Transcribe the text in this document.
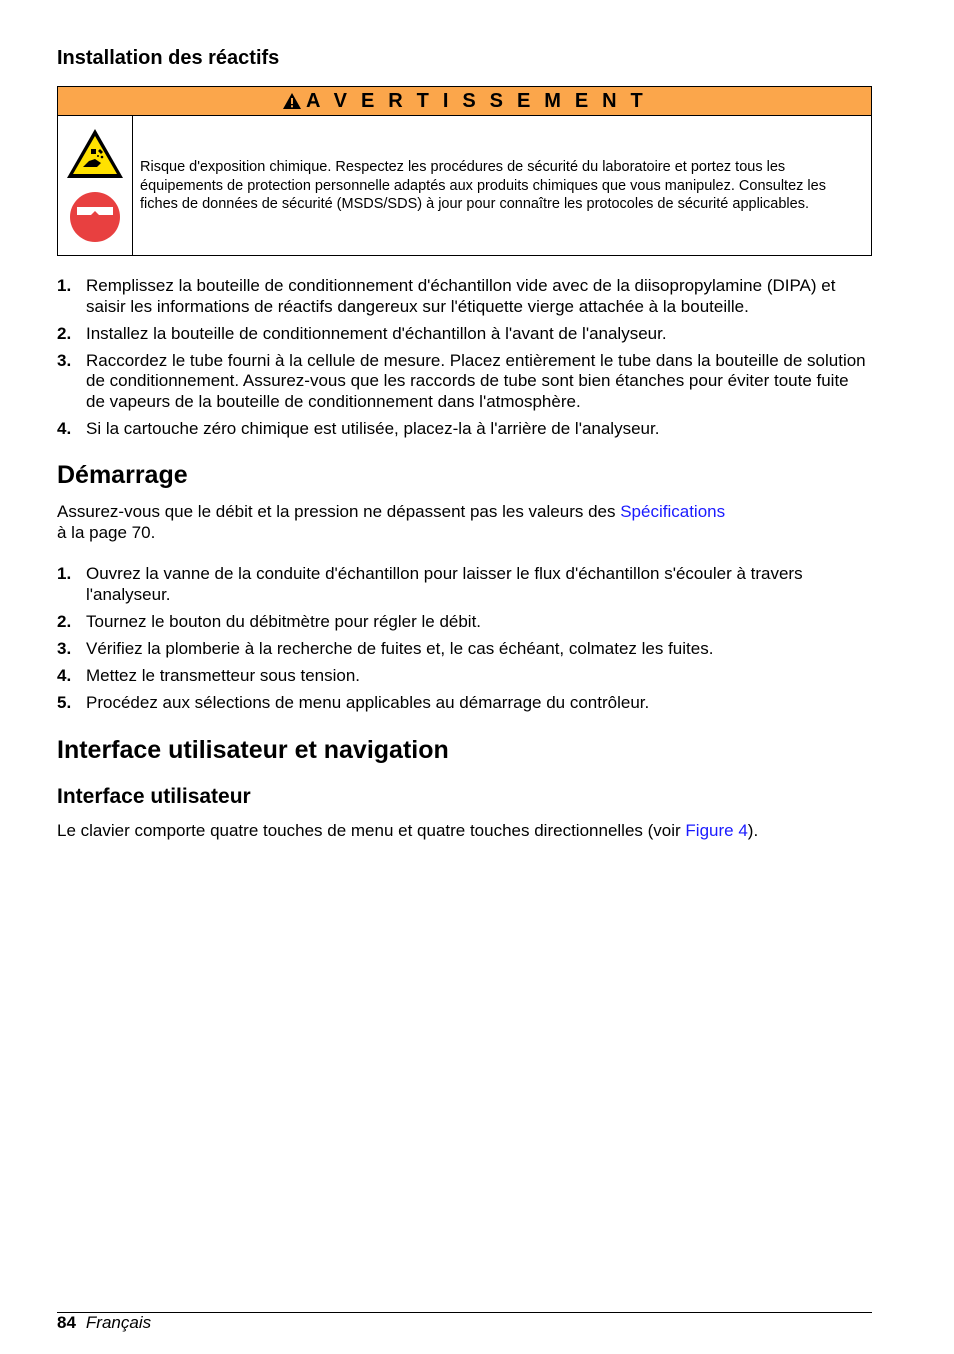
Installation des réactifs
A V E R T I S S E M E N T
Risque d'exposition chimique. Respectez les procédures de sécurité du laboratoire et portez tous les équipements de protection personnelle adaptés aux produits chimiques que vous manipulez. Consultez les fiches de données de sécurité (MSDS/SDS) à jour pour connaître les protocoles de sécurité applicables.
1. Remplissez la bouteille de conditionnement d'échantillon vide avec de la diisopropylamine (DIPA) et saisir les informations de réactifs dangereux sur l'étiquette vierge attachée à la bouteille.
2. Installez la bouteille de conditionnement d'échantillon à l'avant de l'analyseur.
3. Raccordez le tube fourni à la cellule de mesure. Placez entièrement le tube dans la bouteille de solution de conditionnement. Assurez-vous que les raccords de tube sont bien étanches pour éviter toute fuite de vapeurs de la bouteille de conditionnement dans l'atmosphère.
4. Si la cartouche zéro chimique est utilisée, placez-la à l'arrière de l'analyseur.
Démarrage

Assurez-vous que le débit et la pression ne dépassent pas les valeurs des Spécifications
à la page 70.

1. Ouvrez la vanne de la conduite d'échantillon pour laisser le flux d'échantillon s'écouler à travers l'analyseur.
2. Tournez le bouton du débitmètre pour régler le débit.
3. Vérifiez la plomberie à la recherche de fuites et, le cas échéant, colmatez les fuites.
4. Mettez le transmetteur sous tension.
5. Procédez aux sélections de menu applicables au démarrage du contrôleur.
Interface utilisateur et navigation
Interface utilisateur

Le clavier comporte quatre touches de menu et quatre touches directionnelles (voir Figure 4).

84 Français
